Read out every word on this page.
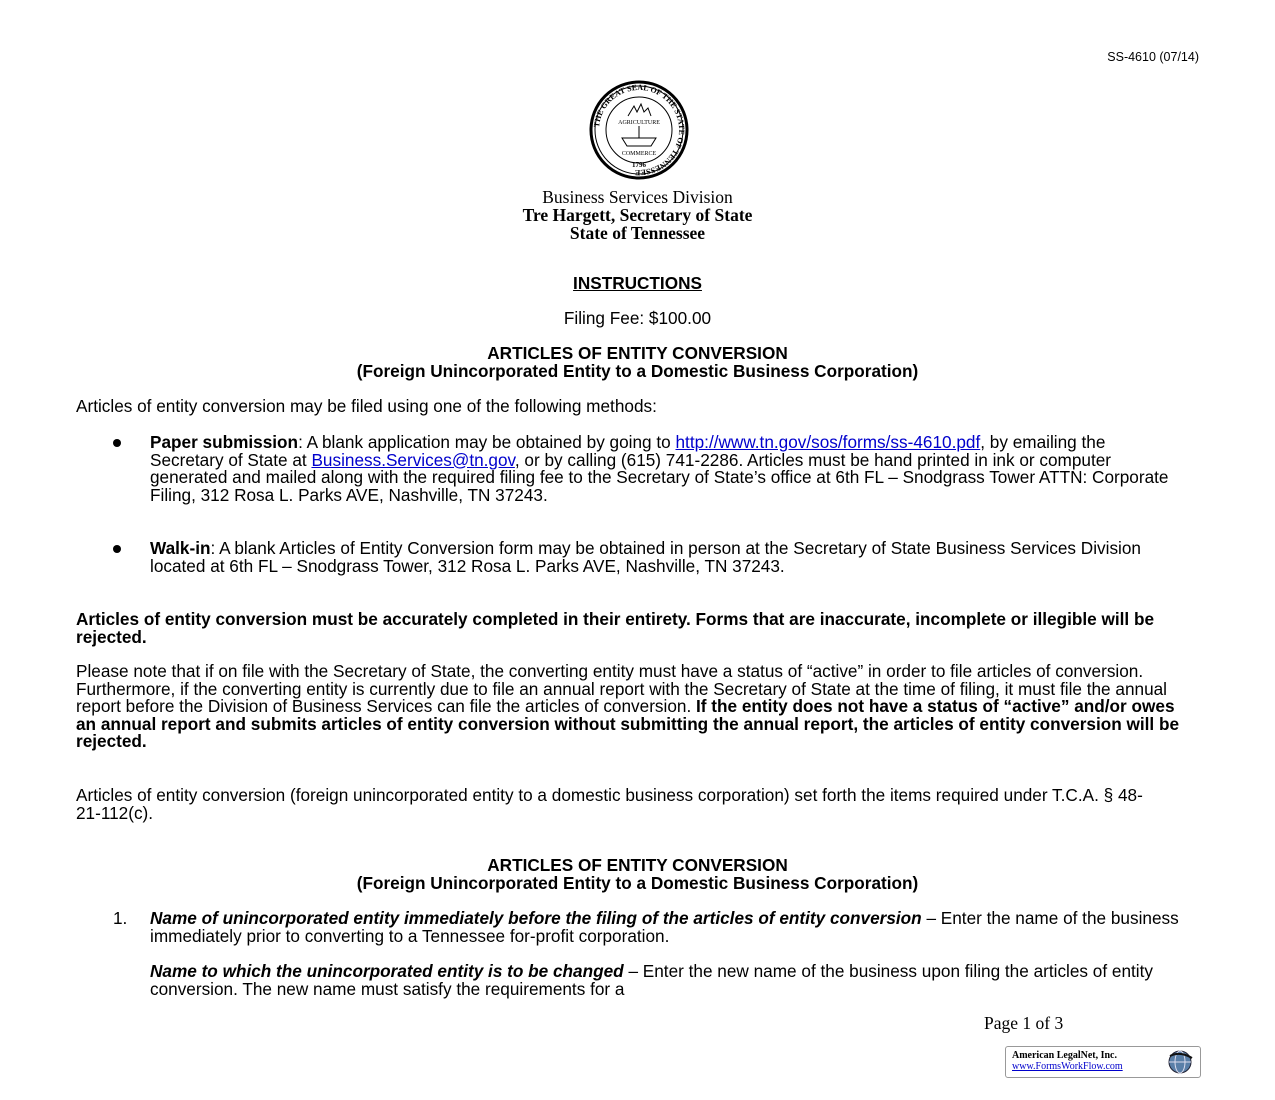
SS-4610 (07/14)
THE GREAT SEAL OF THE STATE OF TENNESSEE
AGRICULTURE
COMMERCE
1796
Business Services Division
Tre Hargett, Secretary of State
State of Tennessee
INSTRUCTIONS
Filing Fee: $100.00
ARTICLES OF ENTITY CONVERSION
(Foreign Unincorporated Entity to a Domestic Business Corporation)
Articles of entity conversion may be filed using one of the following methods:
Paper submission: A blank application may be obtained by going to http://www.tn.gov/sos/forms/ss-4610.pdf, by emailing the Secretary of State at Business.Services@tn.gov, or by calling (615) 741-2286. Articles must be hand printed in ink or computer generated and mailed along with the required filing fee to the Secretary of State’s office at 6th FL – Snodgrass Tower ATTN: Corporate Filing, 312 Rosa L. Parks AVE, Nashville, TN 37243.
Walk-in: A blank Articles of Entity Conversion form may be obtained in person at the Secretary of State Business Services Division located at 6th FL – Snodgrass Tower, 312 Rosa L. Parks AVE, Nashville, TN 37243.
Articles of entity conversion must be accurately completed in their entirety. Forms that are inaccurate, incomplete or illegible will be rejected.
Please note that if on file with the Secretary of State, the converting entity must have a status of “active” in order to file articles of conversion. Furthermore, if the converting entity is currently due to file an annual report with the Secretary of State at the time of filing, it must file the annual report before the Division of Business Services can file the articles of conversion. If the entity does not have a status of “active” and/or owes an annual report and submits articles of entity conversion without submitting the annual report, the articles of entity conversion will be rejected.
Articles of entity conversion (foreign unincorporated entity to a domestic business corporation) set forth the items required under T.C.A. § 48-21-112(c).
ARTICLES OF ENTITY CONVERSION
(Foreign Unincorporated Entity to a Domestic Business Corporation)
1. Name of unincorporated entity immediately before the filing of the articles of entity conversion – Enter the name of the business immediately prior to converting to a Tennessee for-profit corporation.
Name to which the unincorporated entity is to be changed – Enter the new name of the business upon filing the articles of entity conversion. The new name must satisfy the requirements for a
Page 1 of 3
American LegalNet, Inc.
www.FormsWorkFlow.com
